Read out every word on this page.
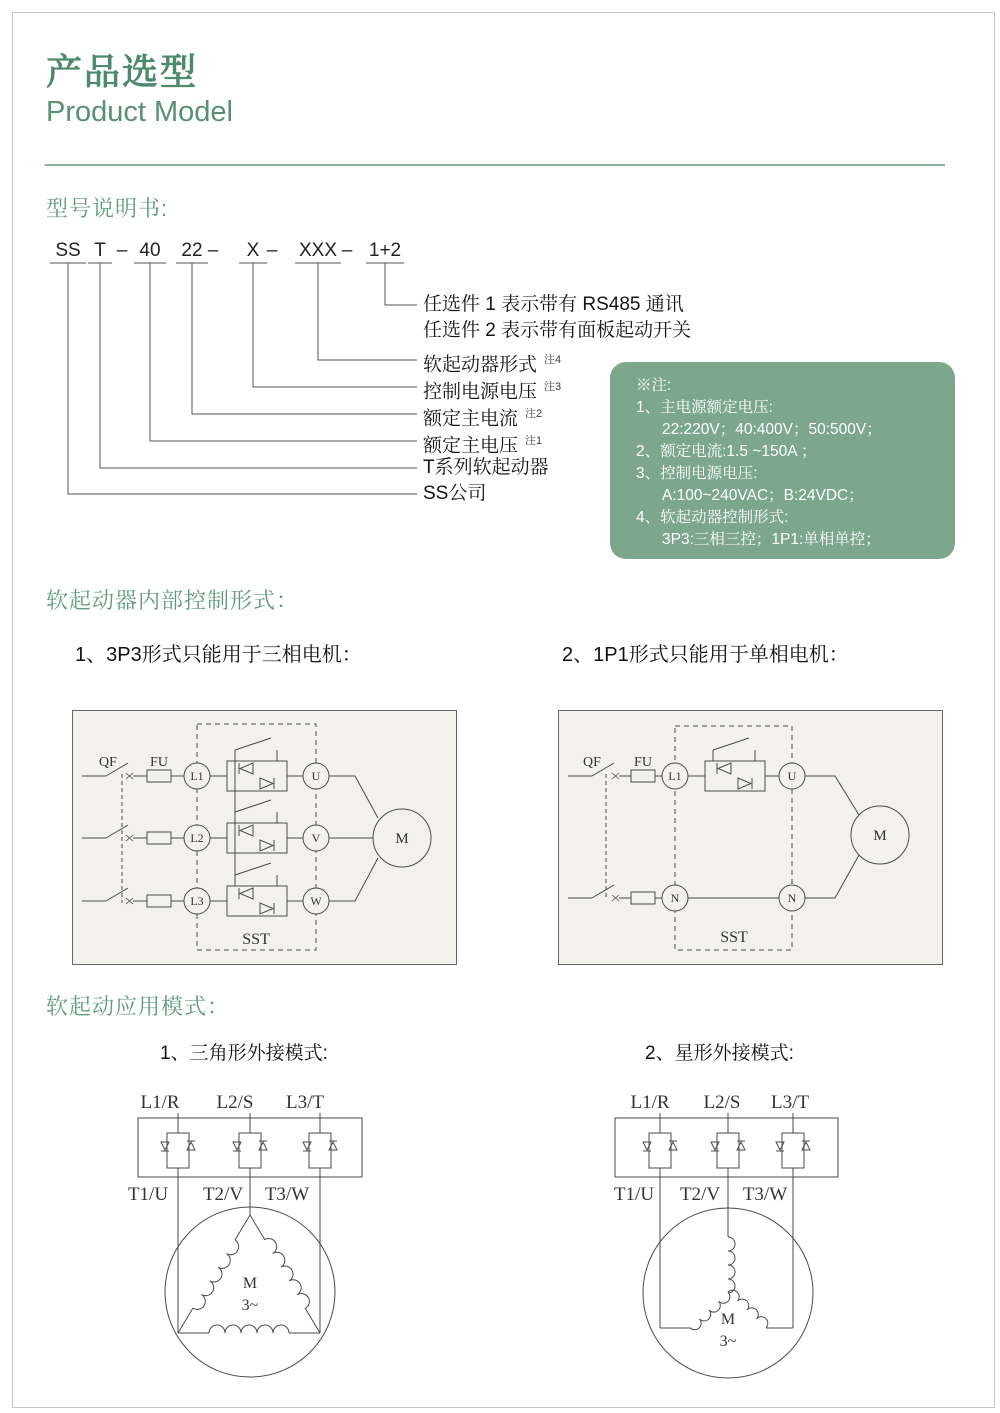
产品选型
Product Model
型号说明书:
SS T – 40 22 – X – XXX – 1+2
任选件 1 表示带有 RS485 通讯
任选件 2 表示带有面板起动开关
软起动器形式 $^{注4}$
控制电源电压 $^{注3}$
额定主电流 $^{注2}$
额定主电压 $^{注1}$
T系列软起动器
SS公司
※注:
1、主电源额定电压:
22:220V；40:400V；50:500V；
2、额定电流:1.5 ~150A ；
3、控制电源电压:
A:100~240VAC；B:24VDC；
4、软起动器控制形式:
3P3:三相三控；1P1:单相单控；
软起动器内部控制形式：
1、3P3形式只能用于三相电机：	2、1P1形式只能用于单相电机：
QF FU
L1
L2
L3
U
V
W
M
SST
QF FU
L1
N
U
N
M
SST
软起动应用模式：
1、三角形外接模式:	2、星形外接模式:
L1/R L2/S L3/T
T1/U T2/V T3/W
M
3~
L1/R L2/S L3/T
T1/U T2/V T3/W
M
3~
